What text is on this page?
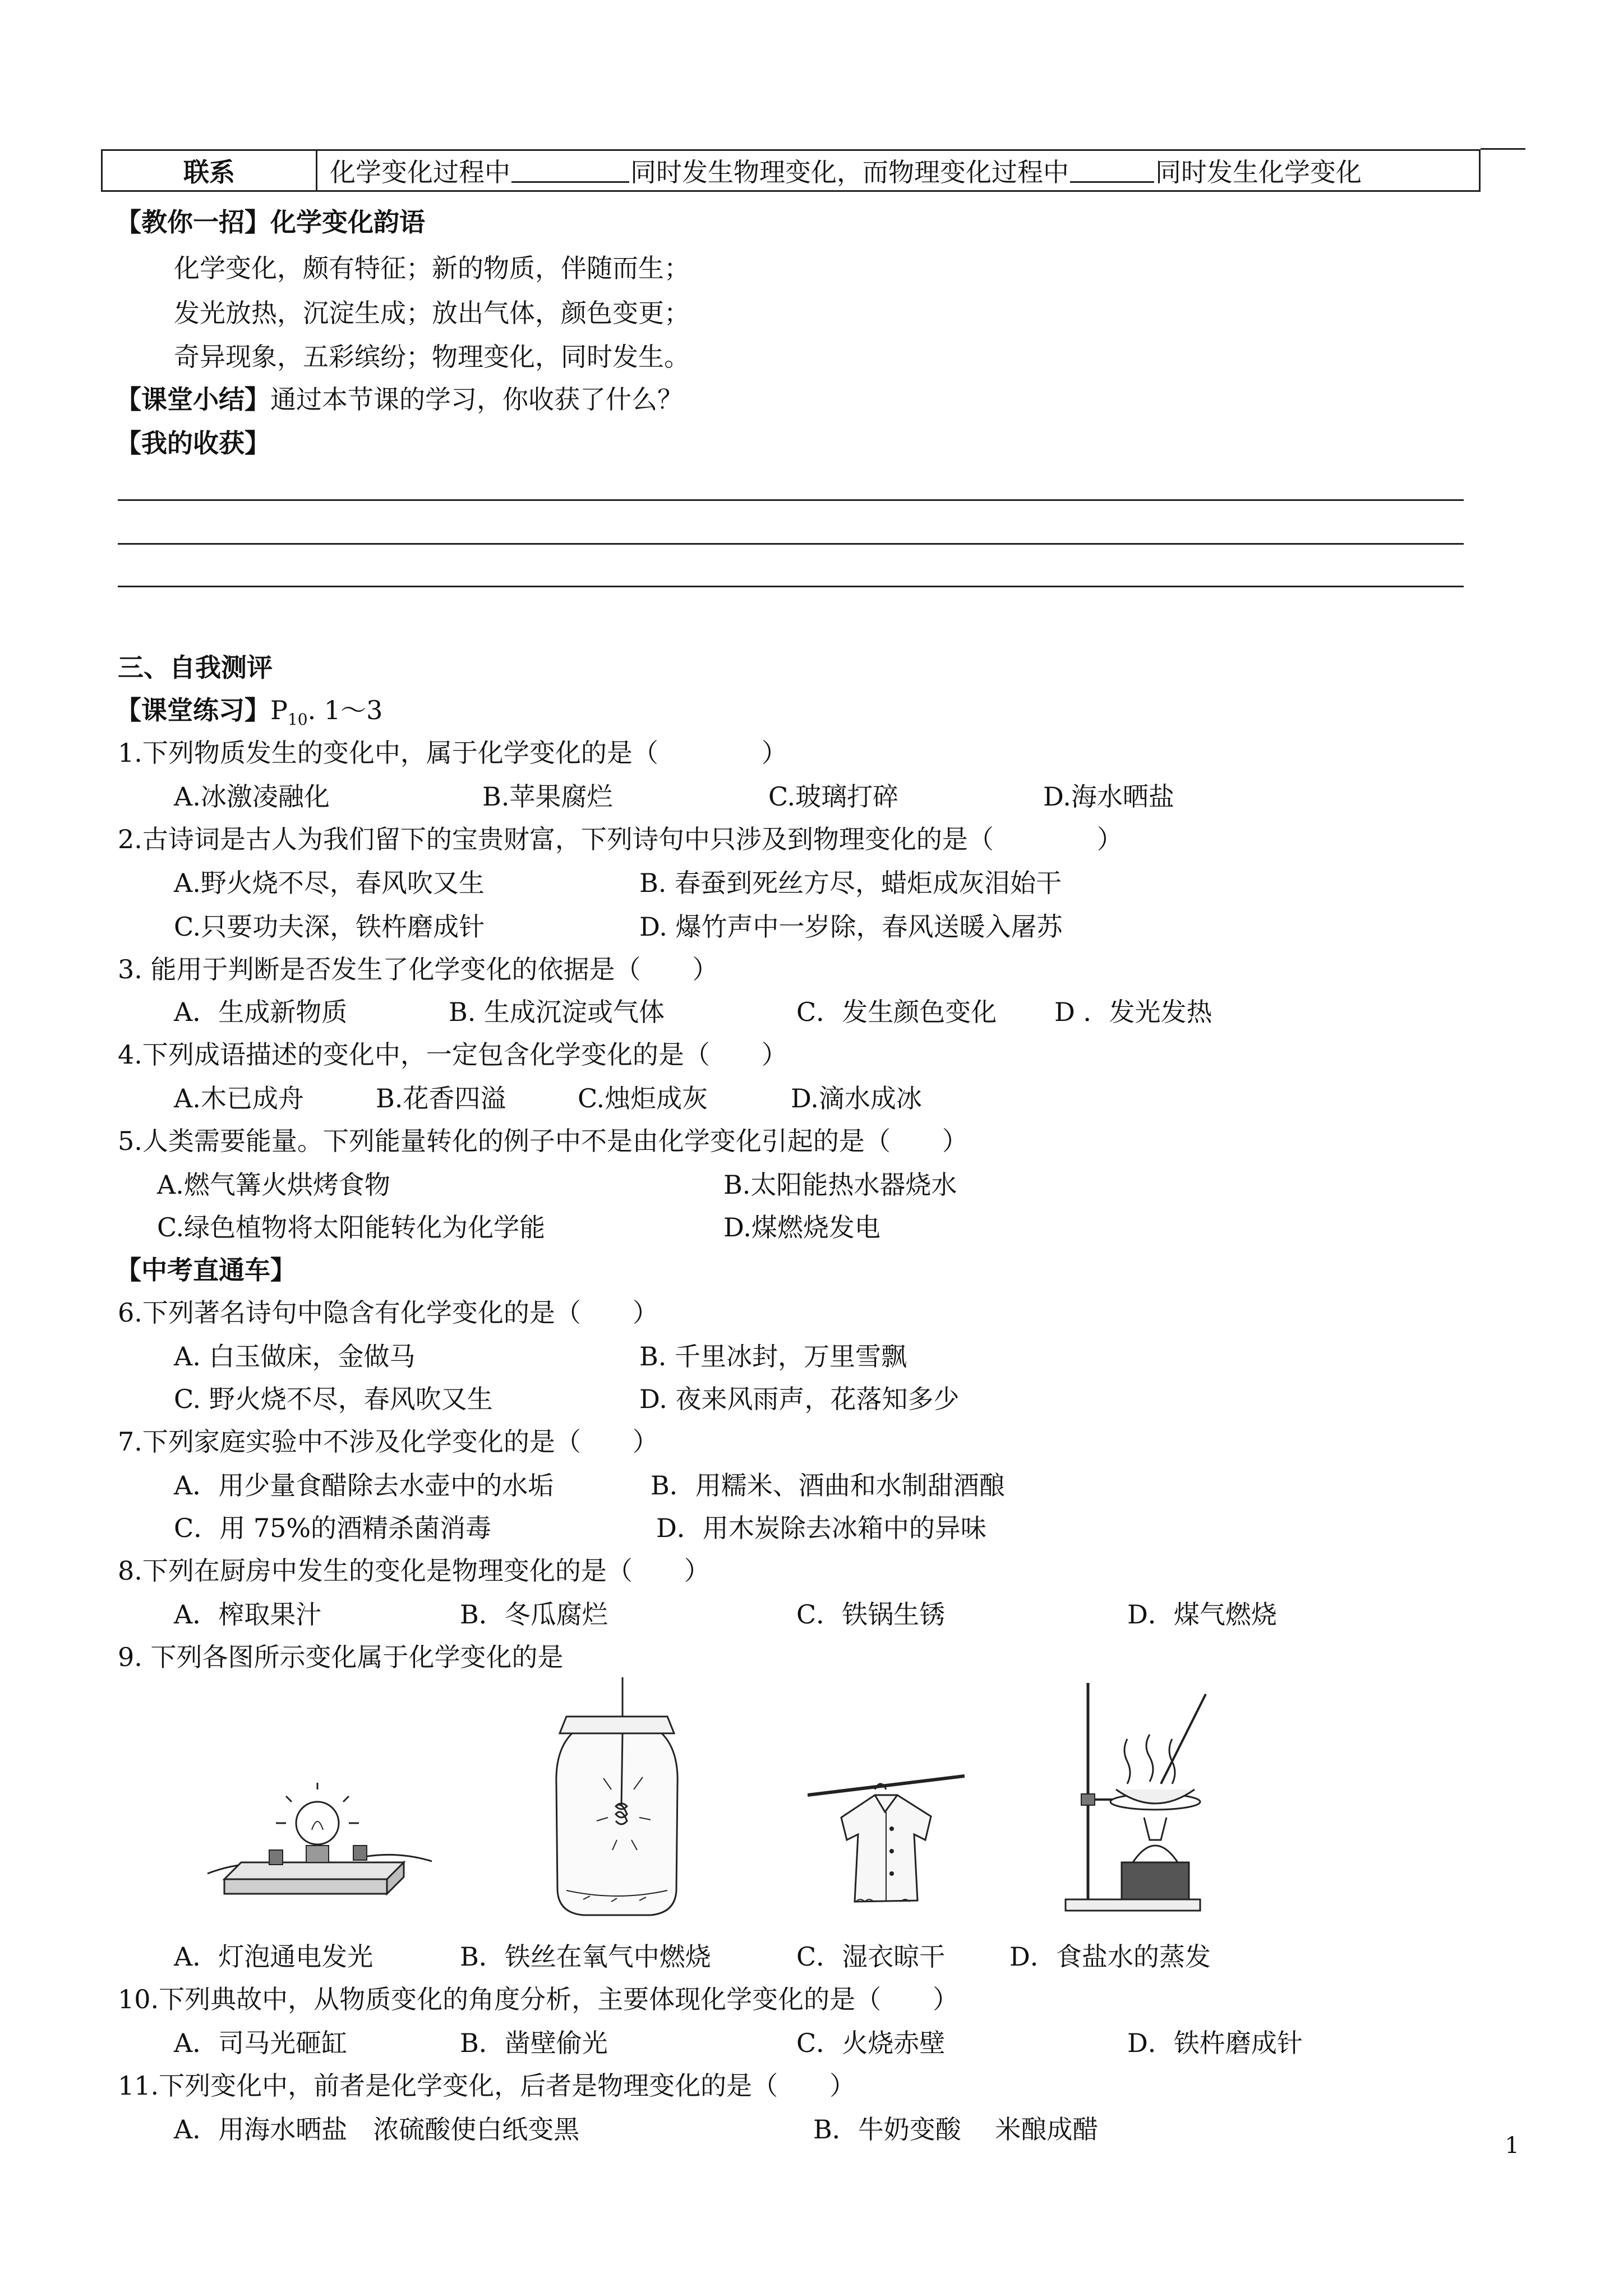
联系	化学变化过程中	同时发生物理变化，而物理变化过程中	同时发生化学变化
【教你一招】化学变化韵语
化学变化，颇有特征；新的物质，伴随而生；
发光放热，沉淀生成；放出气体，颜色变更；
奇异现象，五彩缤纷；物理变化，同时发生。
【课堂小结】通过本节课的学习，你收获了什么？
【我的收获】
三、自我测评
【课堂练习】$P_{10}$. 1～3
1.下列物质发生的变化中，属于化学变化的是（　　　　）
A.冰激凌融化	B.苹果腐烂	C.玻璃打碎	D.海水晒盐
2.古诗词是古人为我们留下的宝贵财富，下列诗句中只涉及到物理变化的是（　　　　）
A.野火烧不尽，春风吹又生	B. 春蚕到死丝方尽，蜡炬成灰泪始干
C.只要功夫深，铁杵磨成针	D. 爆竹声中一岁除，春风送暖入屠苏
3. 能用于判断是否发生了化学变化的依据是（　　）
A．生成新物质	B. 生成沉淀或气体	C．发生颜色变化 D ．发光发热
4.下列成语描述的变化中，一定包含化学变化的是（　　）
A.木已成舟	B.花香四溢	C.烛炬成灰	D.滴水成冰
5.人类需要能量。下列能量转化的例子中不是由化学变化引起的是（　　）
A.燃气篝火烘烤食物	B.太阳能热水器烧水
C.绿色植物将太阳能转化为化学能	D.煤燃烧发电
【中考直通车】
6.下列著名诗句中隐含有化学变化的是（　　）
A. 白玉做床，金做马	B. 千里冰封，万里雪飘
C. 野火烧不尽，春风吹又生	D. 夜来风雨声，花落知多少
7.下列家庭实验中不涉及化学变化的是（　　）
A．用少量食醋除去水壶中的水垢	B．用糯米、酒曲和水制甜酒酿
C．用 75%的酒精杀菌消毒	D．用木炭除去冰箱中的异味
8.下列在厨房中发生的变化是物理变化的是（　　）
A．榨取果汁	B．冬瓜腐烂	C．铁锅生锈	D．煤气燃烧
9. 下列各图所示变化属于化学变化的是
A．灯泡通电发光	B．铁丝在氧气中燃烧	C．湿衣晾干 D．食盐水的蒸发
10.下列典故中，从物质变化的角度分析，主要体现化学变化的是（　　）
A．司马光砸缸	B．凿壁偷光	C．火烧赤壁	D．铁杵磨成针
11.下列变化中，前者是化学变化，后者是物理变化的是（　　）
A．用海水晒盐　浓硫酸使白纸变黑	B．牛奶变酸　 米酿成醋
1
